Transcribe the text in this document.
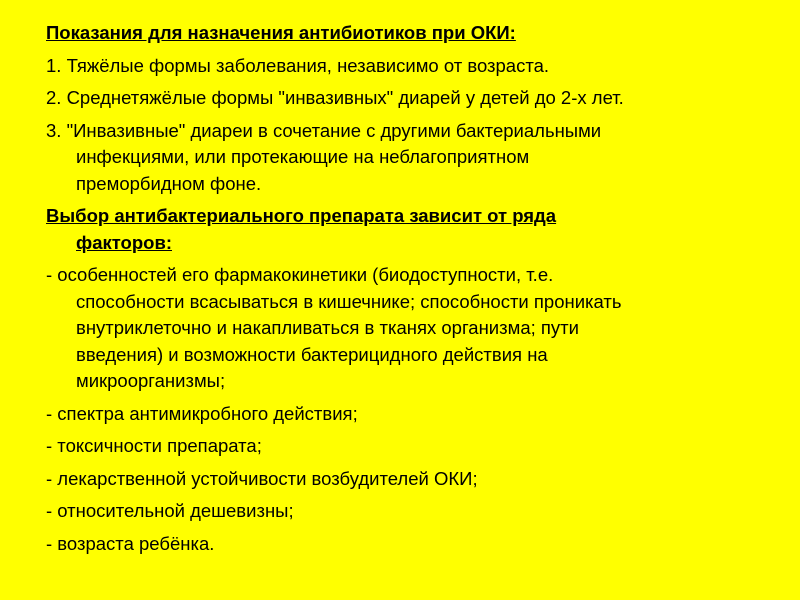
Показания для назначения антибиотиков при ОКИ:
1. Тяжёлые формы заболевания, независимо от возраста.
2. Среднетяжёлые формы "инвазивных" диарей у детей до 2-х лет.
3. "Инвазивные" диареи в сочетание с другими бактериальными
инфекциями, или протекающие на неблагоприятном
преморбидном фоне.
Выбор антибактериального препарата зависит от ряда
факторов:
- особенностей его фармакокинетики (биодоступности, т.е.
способности всасываться в кишечнике; способности проникать
внутриклеточно и накапливаться в тканях организма; пути
введения) и возможности бактерицидного действия на
микроорганизмы;
- спектра антимикробного действия;
- токсичности препарата;
- лекарственной устойчивости возбудителей ОКИ;
- относительной дешевизны;
- возраста ребёнка.
